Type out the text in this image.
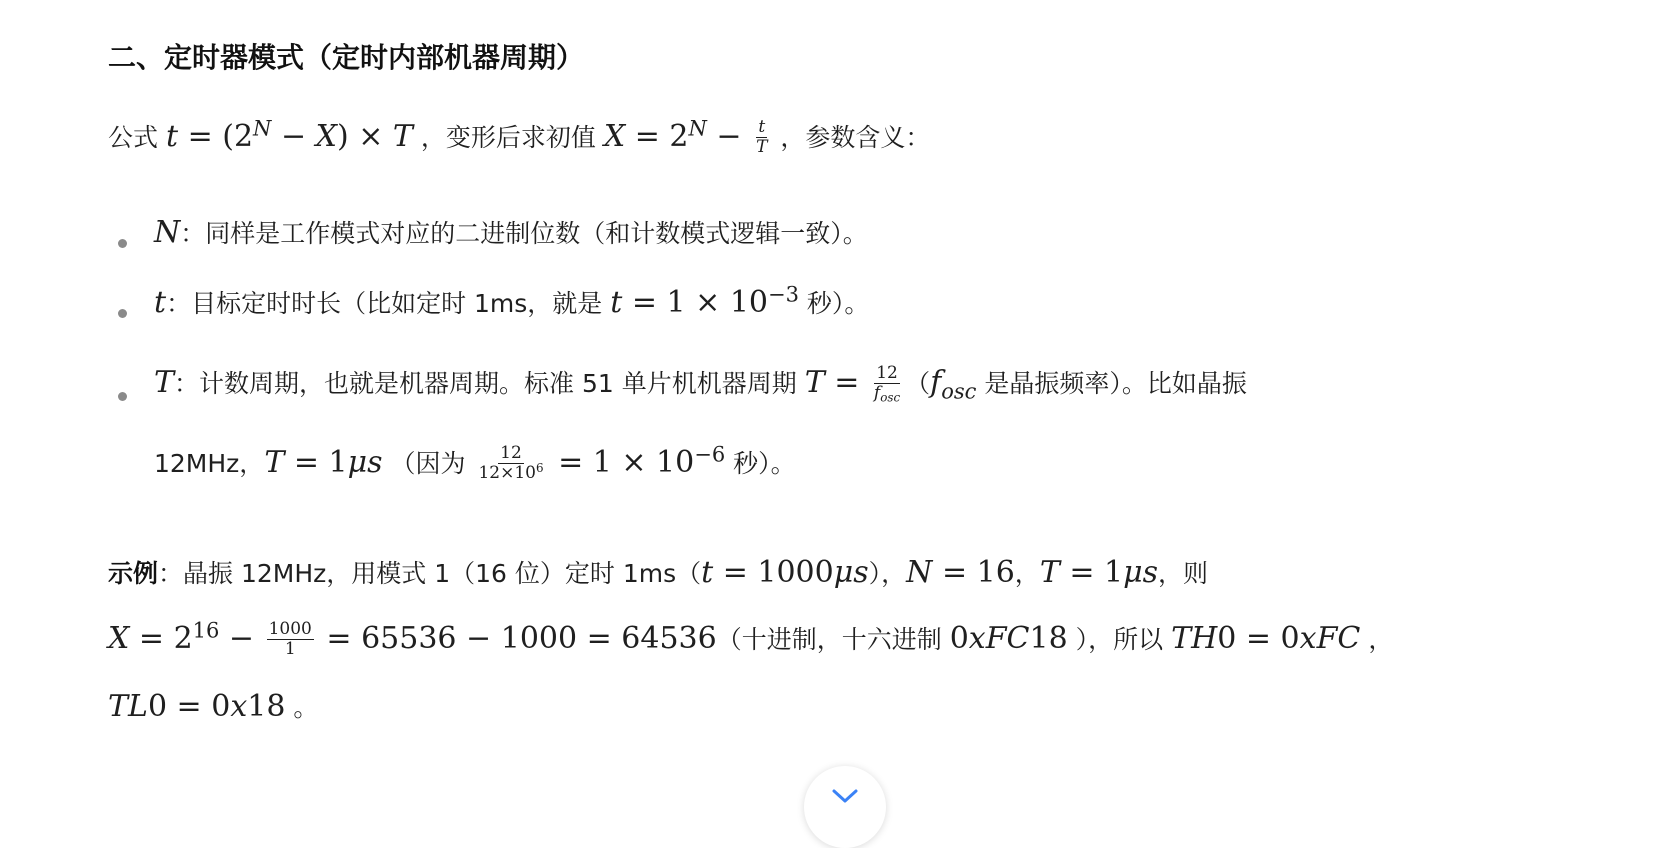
二、定时器模式（定时内部机器周期）
公式 $t = (2^N - X) \times T$ ，变形后求初值 $X = 2^N - \frac{t}{T}$ ，参数含义：
N：同样是工作模式对应的二进制位数（和计数模式逻辑一致）。
t：目标定时时长（比如定时 1ms，就是 $t = 1 \times 10^{-3}$ 秒）。
T：计数周期，也就是机器周期。标准 51 单片机机器周期 $T = \frac{12}{f_{osc}} (f_{osc}$ 是晶振频率）。比如晶振
12MHz，T = 1μs （因为 $\frac{12}{12\times 10^6} = 1 \times 10^{-6}$ 秒）。
示例：晶振 12MHz，用模式 1（16 位）定时 1ms（t = 1000μs），N = 16，T = 1μs，则
$X = 2^{16} - \frac{1000}{1} = 65536 - 1000 = 64536$（十进制，十六进制 0xFC18 ），所以 TH0 = 0xFC ，
TL0 = 0x18 。
